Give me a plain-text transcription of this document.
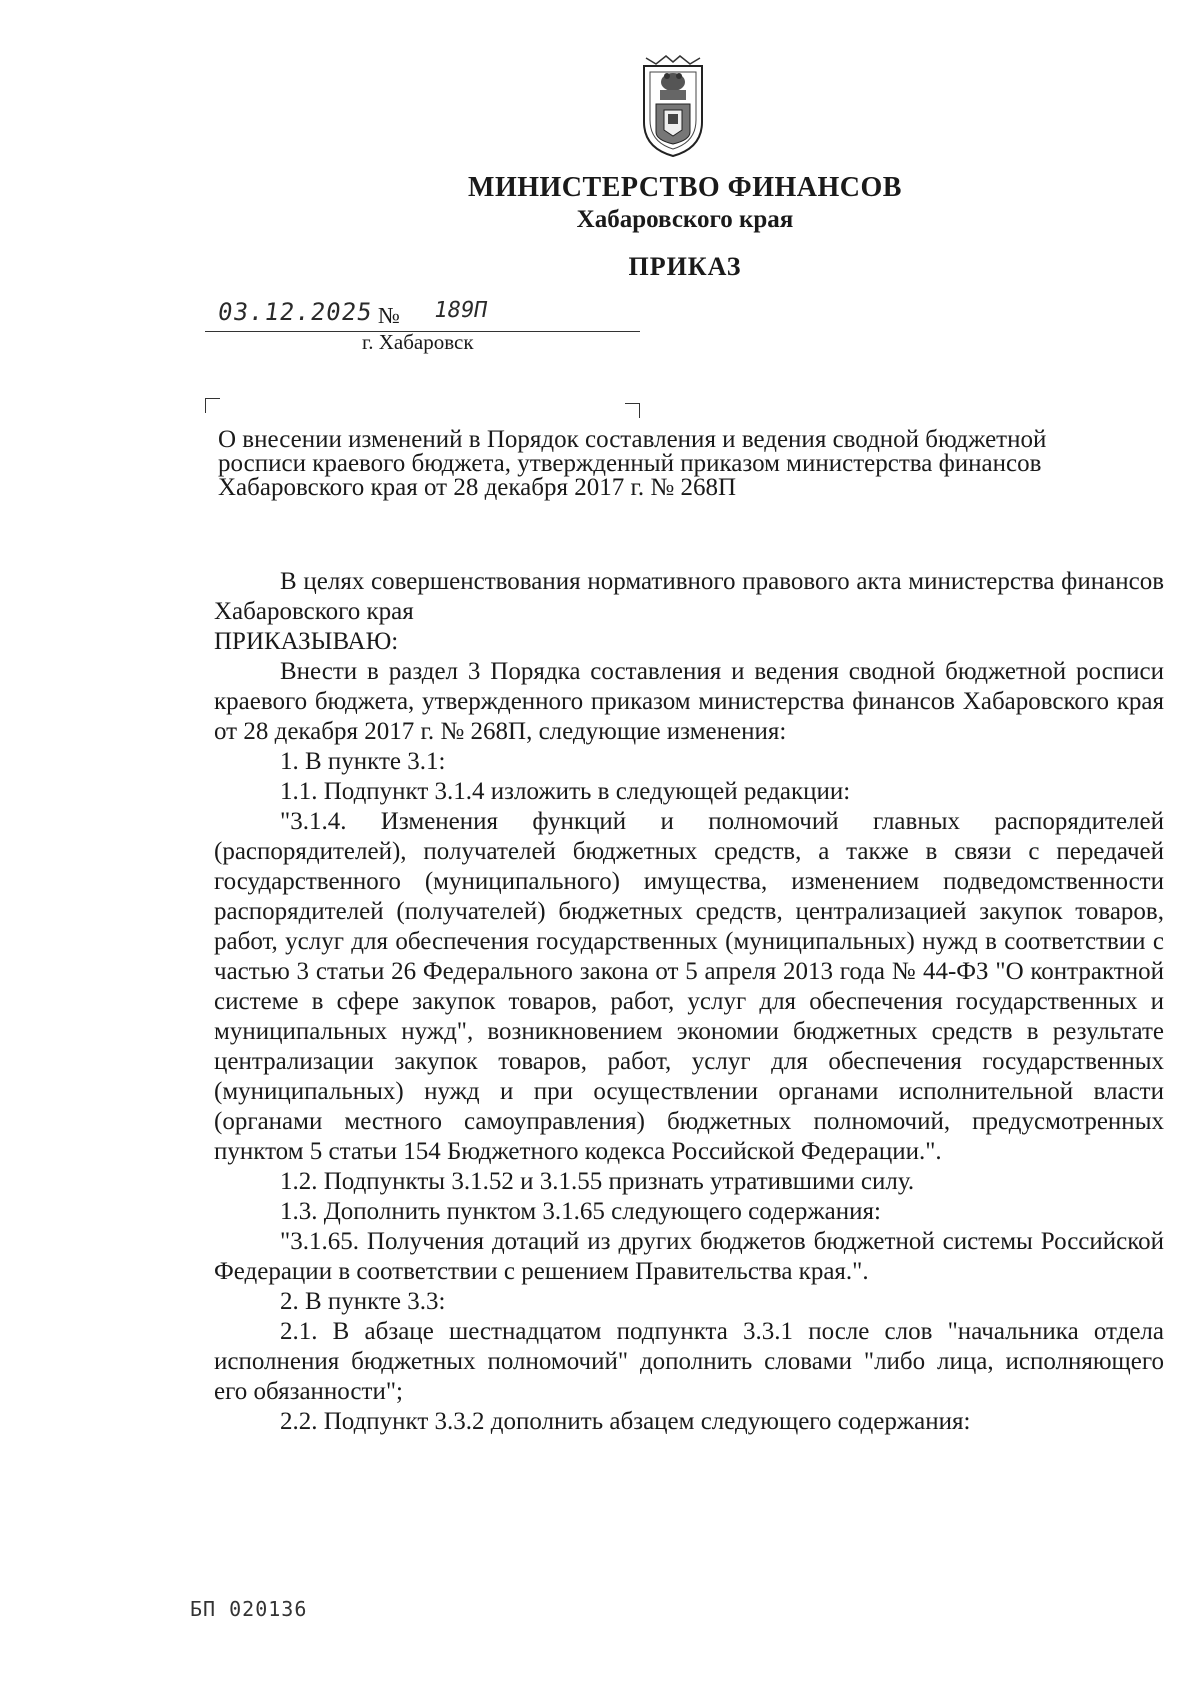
МИНИСТЕРСТВО ФИНАНСОВ
Хабаровского края
ПРИКАЗ
03.12.2025 № 189П
г. Хабаровск
О внесении изменений в Порядок составления и ведения сводной бюджетной
росписи краевого бюджета, утвержденный приказом министерства финансов
Хабаровского края от 28 декабря 2017 г. № 268П

В целях совершенствования нормативного правового акта министерства финансов Хабаровского края

ПРИКАЗЫВАЮ:

Внести в раздел 3 Порядка составления и ведения сводной бюджетной росписи краевого бюджета, утвержденного приказом министерства финансов Хабаровского края от 28 декабря 2017 г. № 268П, следующие изменения:

1. В пункте 3.1:

1.1. Подпункт 3.1.4 изложить в следующей редакции:

"3.1.4. Изменения функций и полномочий главных распорядителей (распорядителей), получателей бюджетных средств, а также в связи с передачей государственного (муниципального) имущества, изменением подведомственности распорядителей (получателей) бюджетных средств, централизацией закупок товаров, работ, услуг для обеспечения государственных (муниципальных) нужд в соответствии с частью 3 статьи 26 Федерального закона от 5 апреля 2013 года № 44-ФЗ "О контрактной системе в сфере закупок товаров, работ, услуг для обеспечения государственных и муниципальных нужд", возникновением экономии бюджетных средств в результате централизации закупок товаров, работ, услуг для обеспечения государственных (муниципальных) нужд и при осуществлении органами исполнительной власти (органами местного самоуправления) бюджетных полномочий, предусмотренных пунктом 5 статьи 154 Бюджетного кодекса Российской Федерации.".

1.2. Подпункты 3.1.52 и 3.1.55 признать утратившими силу.

1.3. Дополнить пунктом 3.1.65 следующего содержания:

"3.1.65. Получения дотаций из других бюджетов бюджетной системы Российской Федерации в соответствии с решением Правительства края.".

2. В пункте 3.3:

2.1. В абзаце шестнадцатом подпункта 3.3.1 после слов "начальника отдела исполнения бюджетных полномочий" дополнить словами "либо лица, исполняющего его обязанности";

2.2. Подпункт 3.3.2 дополнить абзацем следующего содержания:

БП 020136
